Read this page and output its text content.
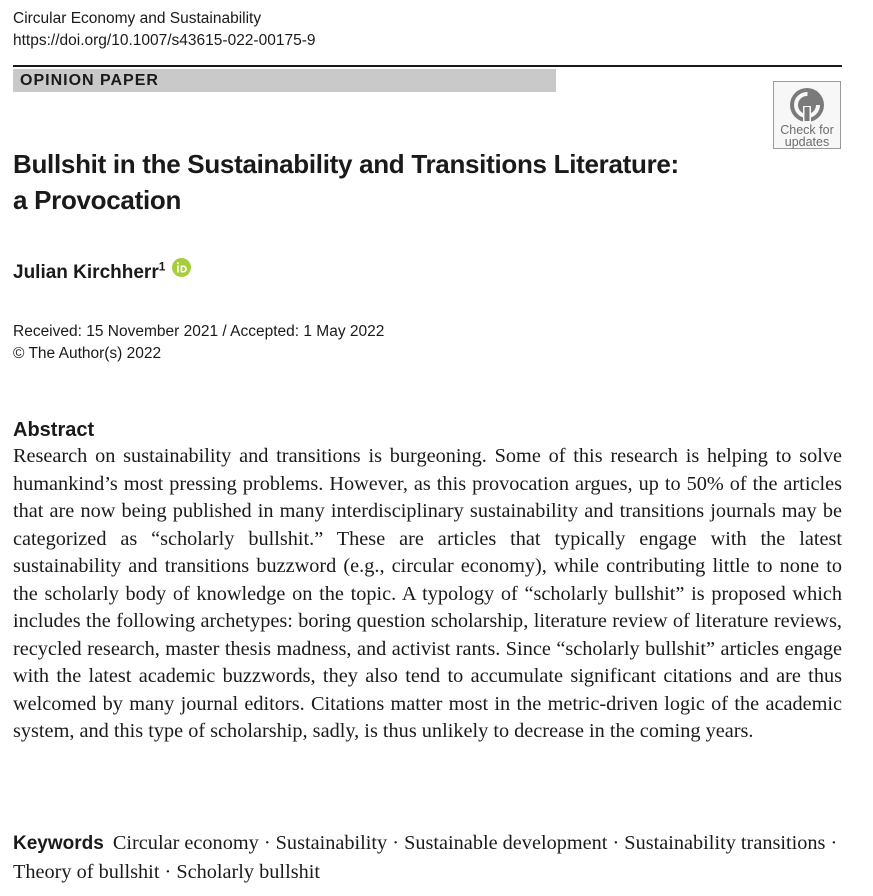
Circular Economy and Sustainability
https://doi.org/10.1007/s43615-022-00175-9
OPINION PAPER
Check for
updates
Bullshit in the Sustainability and Transitions Literature:
a Provocation
Julian Kirchherr$^1$
Received: 15 November 2021 / Accepted: 1 May 2022
© The Author(s) 2022
Abstract

Research on sustainability and transitions is burgeoning. Some of this research is helping to solve humankind’s most pressing problems. However, as this provocation argues, up to 50% of the articles that are now being published in many interdisciplinary sustainability and transitions journals may be categorized as “scholarly bullshit.” These are articles that typically engage with the latest sustainability and transitions buzzword (e.g., circular economy), while contributing little to none to the scholarly body of knowledge on the topic. A typology of “scholarly bullshit” is proposed which includes the following archetypes: boring question scholarship, literature review of literature reviews, recycled research, master thesis madness, and activist rants. Since “scholarly bullshit” articles engage with the latest academic buzzwords, they also tend to accumulate significant citations and are thus welcomed by many journal editors. Citations matter most in the metric-driven logic of the academic system, and this type of scholarship, sadly, is thus unlikely to decrease in the coming years.

Keywords Circular economy · Sustainability · Sustainable development · Sustainability transitions · Theory of bullshit · Scholarly bullshit
